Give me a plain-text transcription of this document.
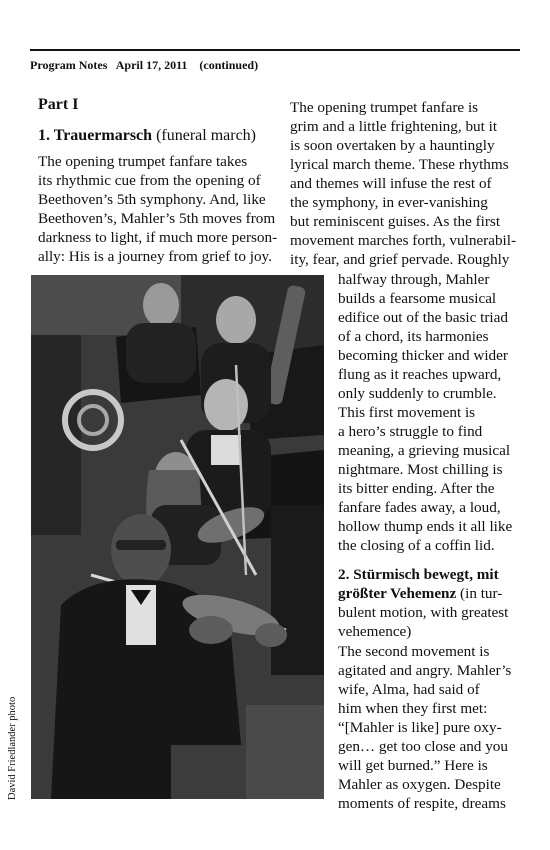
Program Notes   April 17, 2011    (continued)
Part I
1. Trauermarsch (funeral march)
The opening trumpet fanfare takes
its rhythmic cue from the opening of
Beethoven’s 5th symphony. And, like
Beethoven’s, Mahler’s 5th moves from
darkness to light, if much more person-
ally: His is a journey from grief to joy.
The opening trumpet fanfare is
grim and a little frightening, but it
is soon overtaken by a hauntingly
lyrical march theme. These rhythms
and themes will infuse the rest of
the symphony, in ever-vanishing
but reminiscent guises. As the first
movement marches forth, vulnerabil-
ity, fear, and grief pervade. Roughly
halfway through, Mahler
builds a fearsome musical
edifice out of the basic triad
of a chord, its harmonies
becoming thicker and wider
flung as it reaches upward,
only suddenly to crumble.
This first movement is
a hero’s struggle to find
meaning, a grieving musical
nightmare. Most chilling is
its bitter ending. After the
fanfare fades away, a loud,
hollow thump ends it all like
the closing of a coffin lid.
2. Stürmisch bewegt, mit
größter Vehemenz (in tur-
bulent motion, with greatest
vehemence)
The second movement is
agitated and angry. Mahler’s
wife, Alma, had said of
him when they first met:
“[Mahler is like] pure oxy-
gen… get too close and you
will get burned.” Here is
Mahler as oxygen. Despite
moments of respite, dreams
David Friedlander photo
